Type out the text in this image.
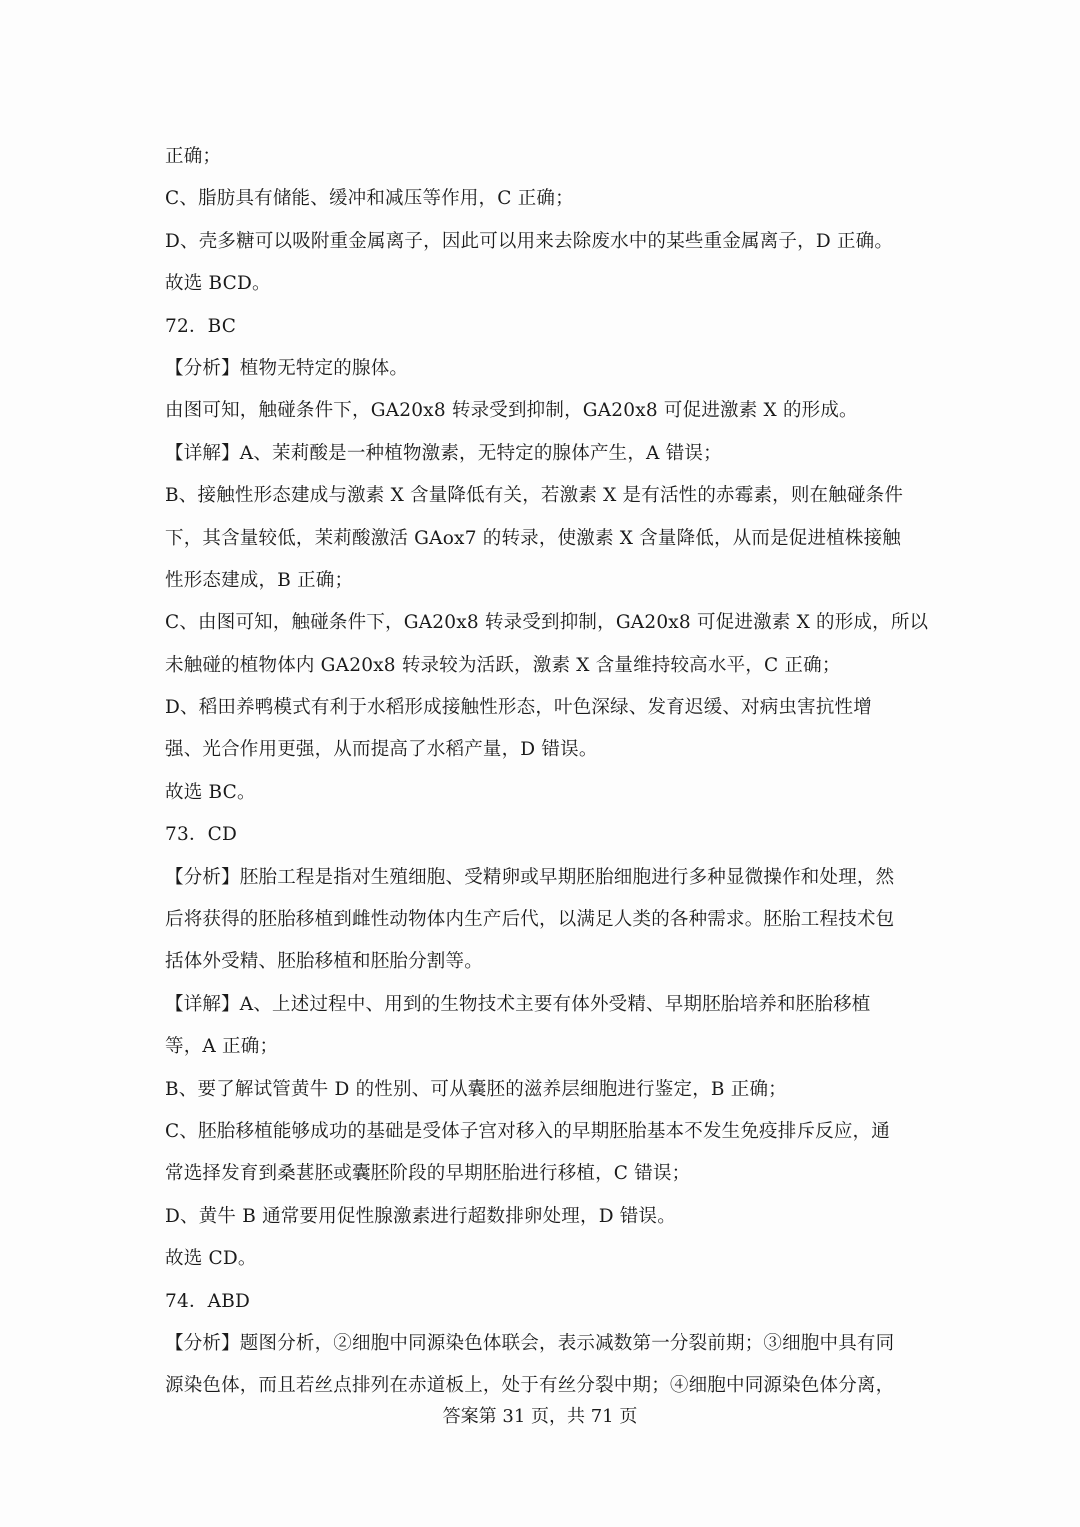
正确；
C、脂肪具有储能、缓冲和减压等作用，C 正确；
D、壳多糖可以吸附重金属离子，因此可以用来去除废水中的某些重金属离子，D 正确。
故选 BCD。
72．BC
【分析】植物无特定的腺体。
由图可知，触碰条件下，GA20x8 转录受到抑制，GA20x8 可促进激素 X 的形成。
【详解】A、茉莉酸是一种植物激素，无特定的腺体产生，A 错误；
B、接触性形态建成与激素 X 含量降低有关，若激素 X 是有活性的赤霉素，则在触碰条件
下，其含量较低，茉莉酸激活 GAox7 的转录，使激素 X 含量降低，从而是促进植株接触
性形态建成，B 正确；
C、由图可知，触碰条件下，GA20x8 转录受到抑制，GA20x8 可促进激素 X 的形成，所以
未触碰的植物体内 GA20x8 转录较为活跃，激素 X 含量维持较高水平，C 正确；
D、稻田养鸭模式有利于水稻形成接触性形态，叶色深绿、发育迟缓、对病虫害抗性增
强、光合作用更强，从而提高了水稻产量，D 错误。
故选 BC。
73．CD
【分析】胚胎工程是指对生殖细胞、受精卵或早期胚胎细胞进行多种显微操作和处理，然
后将获得的胚胎移植到雌性动物体内生产后代，以满足人类的各种需求。胚胎工程技术包
括体外受精、胚胎移植和胚胎分割等。
【详解】A、上述过程中、用到的生物技术主要有体外受精、早期胚胎培养和胚胎移植
等，A 正确；
B、要了解试管黄牛 D 的性别、可从囊胚的滋养层细胞进行鉴定，B 正确；
C、胚胎移植能够成功的基础是受体子宫对移入的早期胚胎基本不发生免疫排斥反应，通
常选择发育到桑葚胚或囊胚阶段的早期胚胎进行移植，C 错误；
D、黄牛 B 通常要用促性腺激素进行超数排卵处理，D 错误。
故选 CD。
74．ABD
【分析】题图分析，②细胞中同源染色体联会，表示减数第一分裂前期；③细胞中具有同
源染色体，而且若丝点排列在赤道板上，处于有丝分裂中期；④细胞中同源染色体分离，
答案第 31 页，共 71 页
